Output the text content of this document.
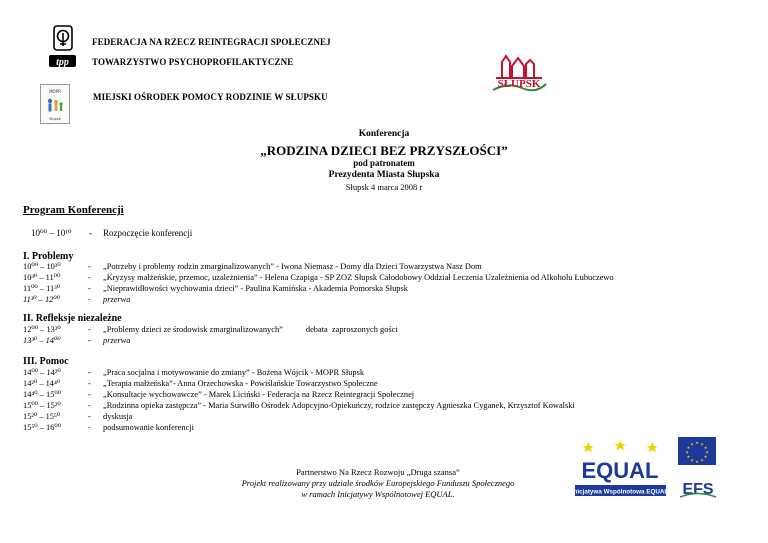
FEDERACJA NA RZECZ REINTEGRACJI SPOŁECZNEJ
tpp	TOWARZYSTWO PSYCHOPROFILAKTYCZNE
MOPR
Słupsk
MIEJSKI OŚRODEK POMOCY RODZINIE W SŁUPSKU
SŁUPSK
Konferencja
„RODZINA DZIECI BEZ PRZYSZŁOŚCI”
pod patronatem
Prezydenta Miasta Słupska
Słupsk 4 marca 2008 r
Program Konferencji
10⁰⁰ – 10¹⁰ - Rozpoczęcie konferencji
I. Problemy
10⁰⁰ – 10³⁰	- „Potrzeby i problemy rodzin zmarginalizowanych” - Iwona Niemasz - Domy dla Dzieci Towarzystwa Nasz Dom
10³⁰ – 11⁰⁰	- „Kryzysy małżeńskie, przemoc, uzależnienia” - Helena Czapiga - SP ZOZ Słupsk Całodobowy Oddział Leczenia Uzależnienia od Alkoholu Łubuczewo
11⁰⁰ – 11³⁰	- „Nieprawidłowości wychowania dzieci” - Paulina Kamińska - Akademia Pomorska Słupsk
11³⁰ – 12⁰⁰	- przerwa
II. Refleksje niezależne
12⁰⁰ – 13³⁰	- „Problemy dzieci ze środowisk zmarginalizowanych”           debata  zaproszonych gości
13³⁰ – 14⁰⁰	- przerwa
III. Pomoc
14⁰⁰ – 14²⁰	- „Praca socjalna i motywowanie do zmiany” - Bożena Wójcik - MOPR Słupsk
14²⁰ – 14⁴⁰	- „Terapia małżeńska”- Anna Orzechowska - Powiślańskie Towarzystwo Społeczne
14⁴⁰ – 15⁰⁰	- „Konsultacje wychowawcze” - Marek Liciński - Federacja na Rzecz Reintegracji Społecznej
15⁰⁰ – 15²⁰	- „Rodzinna opieka zastępcza” - Maria Surwiłło Ośrodek Adopcyjno-Opiekuńczy, rodzice zastępczy Agnieszka Cyganek, Krzysztof Kowalski
15²⁰ – 15⁵⁰	- dyskusja
15⁵⁰ – 16⁰⁰	- podsumowanie konferencji
Partnerstwo Na Rzecz Rozwoju „Druga szansa”
Projekt realizowany przy udziale środków Europejskiego Funduszu Społecznego
w ramach Inicjatywy Wspólnotowej EQUAL.
EQUAL
Inicjatywa Wspólnotowa EQUAL
★ ★
★
★
★
★
★
★
★
★
★
★
EFS
